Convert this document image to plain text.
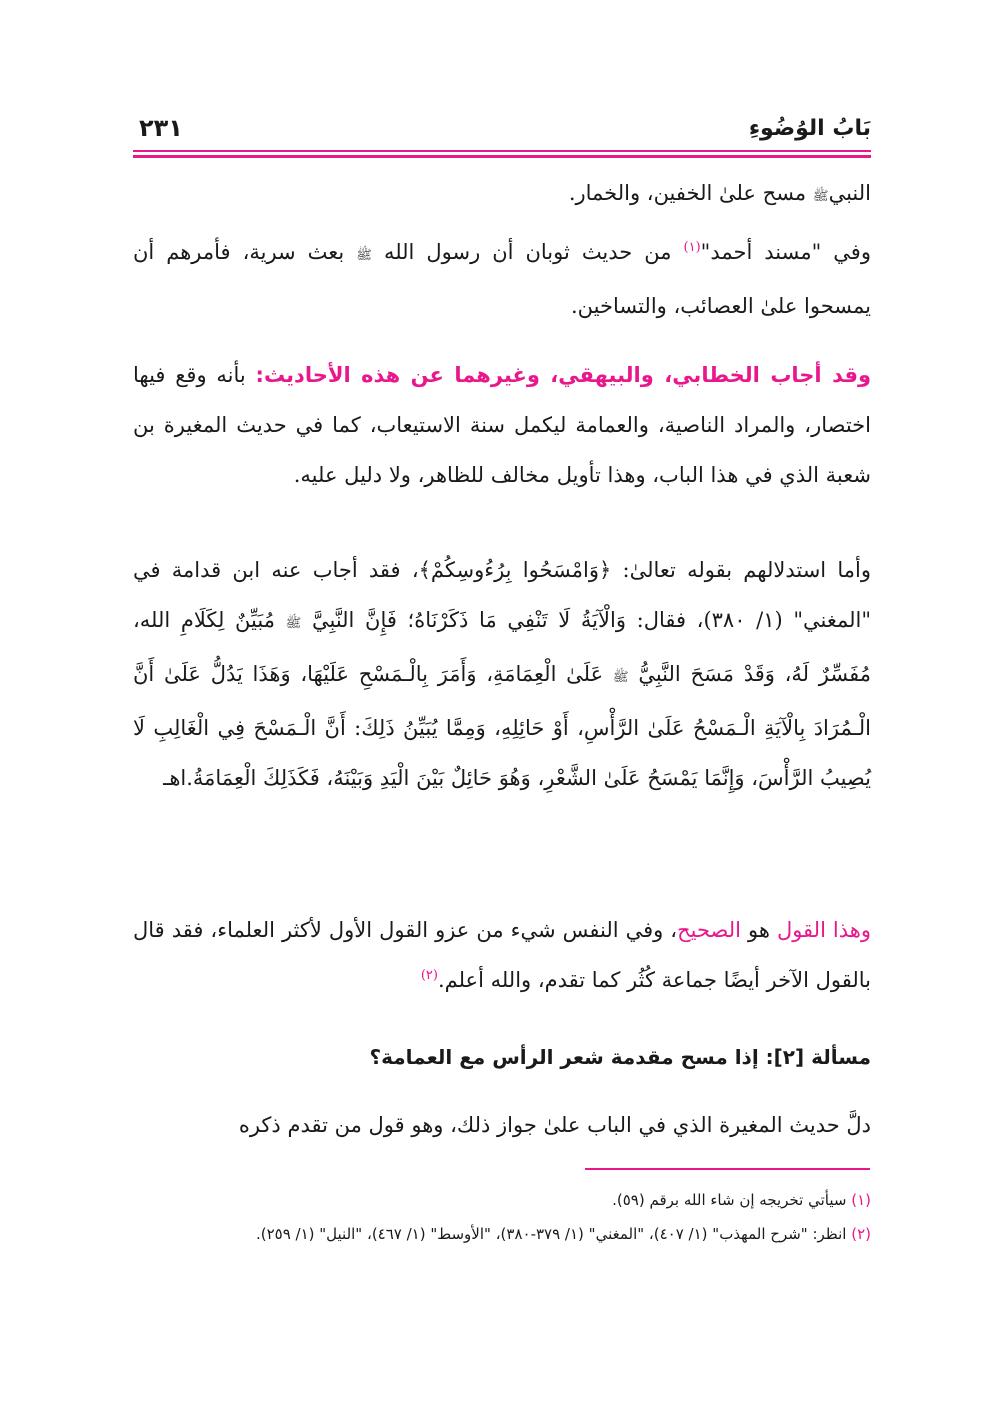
بَابُ الوُضُوءِ
٢٣١

النبيﷺ مسح علىٰ الخفين، والخمار.

وفي "مسند أحمد"$^{(١)}$ من حديث ثوبان أن رسول الله ﷺ بعث سرية، فأمرهم أن يمسحوا علىٰ العصائب، والتساخين.

وقد أجاب الخطابي، والبيهقي، وغيرهما عن هذه الأحاديث: بأنه وقع فيها اختصار، والمراد الناصية، والعمامة ليكمل سنة الاستيعاب، كما في حديث المغيرة بن شعبة الذي في هذا الباب، وهذا تأويل مخالف للظاهر، ولا دليل عليه.

وأما استدلالهم بقوله تعالىٰ: ﴿وَامْسَحُوا بِرُءُوسِكُمْ﴾، فقد أجاب عنه ابن قدامة في "المغني" (١/ ٣٨٠)، فقال: وَالْآيَةُ لَا تَنْفِي مَا ذَكَرْنَاهُ؛ فَإِنَّ النَّبِيَّ ﷺ مُبَيِّنٌ لِكَلَامِ الله، مُفَسِّرٌ لَهُ، وَقَدْ مَسَحَ النَّبِيُّ ﷺ عَلَىٰ الْعِمَامَةِ، وَأَمَرَ بِالْـمَسْحِ عَلَيْهَا، وَهَذَا يَدُلُّ عَلَىٰ أَنَّ الْـمُرَادَ بِالْآيَةِ الْـمَسْحُ عَلَىٰ الرَّأْسِ، أَوْ حَائِلِهِ، وَمِمَّا يُبَيِّنُ ذَلِكَ: أَنَّ الْـمَسْحَ فِي الْغَالِبِ لَا يُصِيبُ الرَّأْسَ، وَإِنَّمَا يَمْسَحُ عَلَىٰ الشَّعْرِ، وَهُوَ حَائِلٌ بَيْنَ الْيَدِ وَبَيْنَهُ، فَكَذَلِكَ الْعِمَامَةُ.اهـ

وهذا القول هو الصحيح، وفي النفس شيء من عزو القول الأول لأكثر العلماء، فقد قال بالقول الآخر أيضًا جماعة كُثُر كما تقدم، والله أعلم.$^{(٢)}$

مسألة [٢]: إذا مسح مقدمة شعر الرأس مع العمامة؟

دلَّ حديث المغيرة الذي في الباب علىٰ جواز ذلك، وهو قول من تقدم ذكره

(١) سيأتي تخريجه إن شاء الله برقم (٥٩).

(٢) انظر: "شرح المهذب" (١/ ٤٠٧)، "المغني" (١/ ٣٧٩-٣٨٠)، "الأوسط" (١/ ٤٦٧)، "النيل" (١/ ٢٥٩).
